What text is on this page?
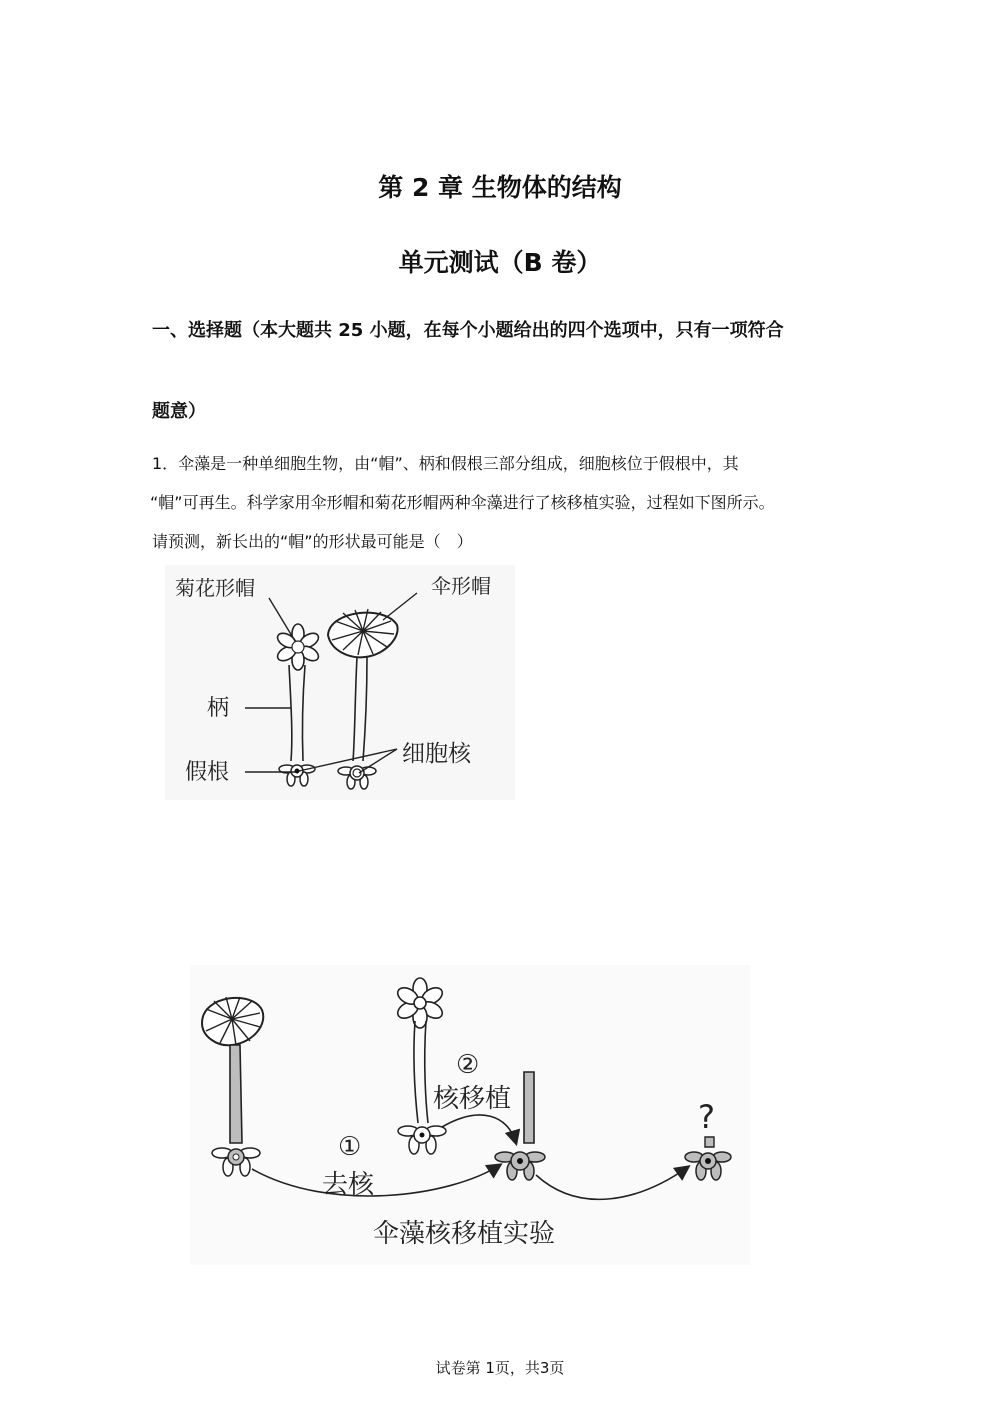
第 2 章 生物体的结构
单元测试（B 卷）
一、选择题（本大题共 25 小题，在每个小题给出的四个选项中，只有一项符合
题意）
1．伞藻是一种单细胞生物，由“帽”、柄和假根三部分组成，细胞核位于假根中，其
“帽”可再生。科学家用伞形帽和菊花形帽两种伞藻进行了核移植实验，过程如下图所示。
请预测，新长出的“帽”的形状最可能是（　）
菊花形帽	伞形帽
柄
假根
细胞核
①
去核
②
核移植	?
伞藻核移植实验
试卷第 1页，共3页
